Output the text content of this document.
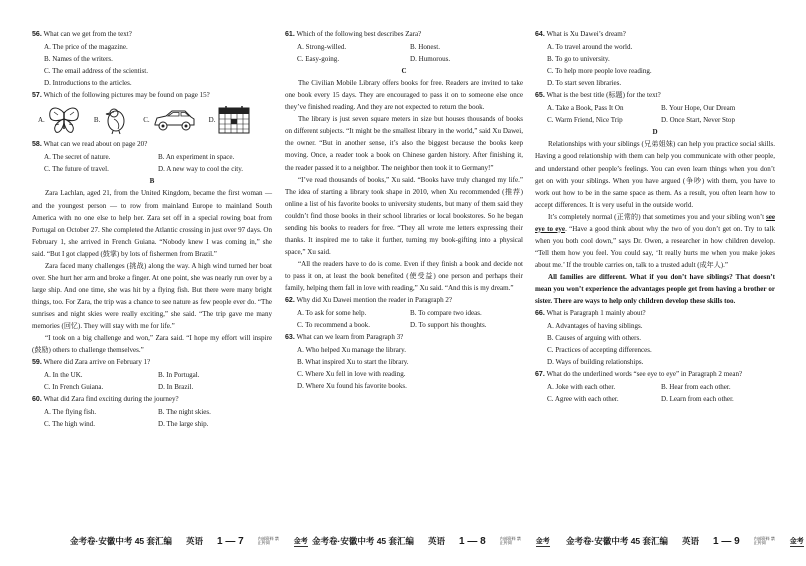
56. What can we get from the text?

A. The price of the magazine.
B. Names of the writers.
C. The email address of the scientist.
D. Introductions to the articles.

57. Which of the following pictures may be found on page 15?

A.	B.	C.	D.

58. What can we read about on page 20?

A. The secret of nature.	B. An experiment in space.
C. The future of travel.	D. A new way to cool the city.

B

Zara Lachlan, aged 21, from the United Kingdom, became the first woman — and the youngest person — to row from mainland Europe to mainland South America with no one else to help her. Zara set off in a special rowing boat from Portugal on October 27. She completed the Atlantic crossing in just over 97 days. On February 1, she arrived in French Guiana. “Nobody knew I was coming in,” she said. “But I got clapped (鼓掌) by lots of fishermen from Brazil.”

Zara faced many challenges (挑战) along the way. A high wind turned her boat over. She hurt her arm and broke a finger. At one point, she was nearly run over by a large ship. And one time, she was hit by a flying fish. But there were many bright things, too. For Zara, the trip was a chance to see nature as few people ever do. “The sunrises and night skies were really exciting,” she said. “The trip gave me many memories (回忆). They will stay with me for life.”

“I took on a big challenge and won,” Zara said. “I hope my effort will inspire (鼓励) others to challenge themselves.”

59. Where did Zara arrive on February 1?

A. In the UK.	B. In Portugal.
C. In French Guiana.	D. In Brazil.

60. What did Zara find exciting during the journey?

A. The flying fish.	B. The night skies.
C. The high wind.	D. The large ship.

61. Which of the following best describes Zara?

A. Strong-willed.	B. Honest.
C. Easy-going.	D. Humorous.

C

The Civilian Mobile Library offers books for free. Readers are invited to take one book every 15 days. They are encouraged to pass it on to someone else once they’ve finished reading. And they are not expected to return the book.

The library is just seven square meters in size but houses thousands of books on different subjects. “It might be the smallest library in the world,” said Xu Dawei, the owner. “But in another sense, it’s also the biggest because the books keep moving. Once, a reader took a book on Chinese garden history. After finishing it, the reader passed it to a neighbor. The neighbor then took it to Germany!”

“I’ve read thousands of books,” Xu said. “Books have truly changed my life.” The idea of starting a library took shape in 2010, when Xu recommended (推荐) online a list of his favorite books to university students, but many of them said they couldn’t find those books in their school libraries or local bookstores. So he began sending his books to readers for free. “They all wrote me letters expressing their thanks. It inspired me to take it further, turning my book-gifting into a physical space,” Xu said.

“All the readers have to do is come. Even if they finish a book and decide not to pass it on, at least the book benefited (使受益) one person and perhaps their family, helping them fall in love with reading,” Xu said. “And this is my dream.”

62. Why did Xu Dawei mention the reader in Paragraph 2?

A. To ask for some help.	B. To compare two ideas.
C. To recommend a book.	D. To support his thoughts.

63. What can we learn from Paragraph 3?

A. Who helped Xu manage the library.
B. What inspired Xu to start the library.
C. Where Xu fell in love with reading.
D. Where Xu found his favorite books.

64. What is Xu Dawei’s dream?

A. To travel around the world.
B. To go to university.
C. To help more people love reading.
D. To start seven libraries.

65. What is the best title (标题) for the text?

A. Take a Book, Pass It On	B. Your Hope, Our Dream
C. Warm Friend, Nice Trip	D. Once Start, Never Stop

D

Relationships with your siblings (兄弟姐妹) can help you practice social skills. Having a good relationship with them can help you communicate with other people, and understand other people’s feelings. You can even learn things when you don’t get on with your siblings. When you have argued (争吵) with them, you have to work out how to be in the same space as them. As a result, you often learn how to accept differences. It is very useful in the outside world.

It’s completely normal (正常的) that sometimes you and your sibling won’t see eye to eye. “Have a good think about why the two of you don’t get on. Try to talk when you both cool down,” says Dr. Owen, a researcher in how children develop. “Tell them how you feel. You could say, ‘It really hurts me when you make jokes about me.’ If the trouble carries on, talk to a trusted adult (成年人).”

All families are different. What if you don’t have siblings? That doesn’t mean you won’t experience the advantages people get from having a brother or sister. There are ways to help only children develop these skills too.

66. What is Paragraph 1 mainly about?

A. Advantages of having siblings.
B. Causes of arguing with others.
C. Practices of accepting differences.
D. Ways of building relationships.

67. What do the underlined words “see eye to eye” in Paragraph 2 mean?

A. Joke with each other.	B. Hear from each other.
C. Agree with each other.	D. Learn from each other.
金考卷·安徽中考 45 套汇编 英语 1 — 7	内部资料 禁止传阅	金考 金考卷·安徽中考 45 套汇编 英语 1 — 8	内部资料 禁止传阅	金考 金考卷·安徽中考 45 套汇编 英语 1 — 9	内部资料 禁止传阅	金考
